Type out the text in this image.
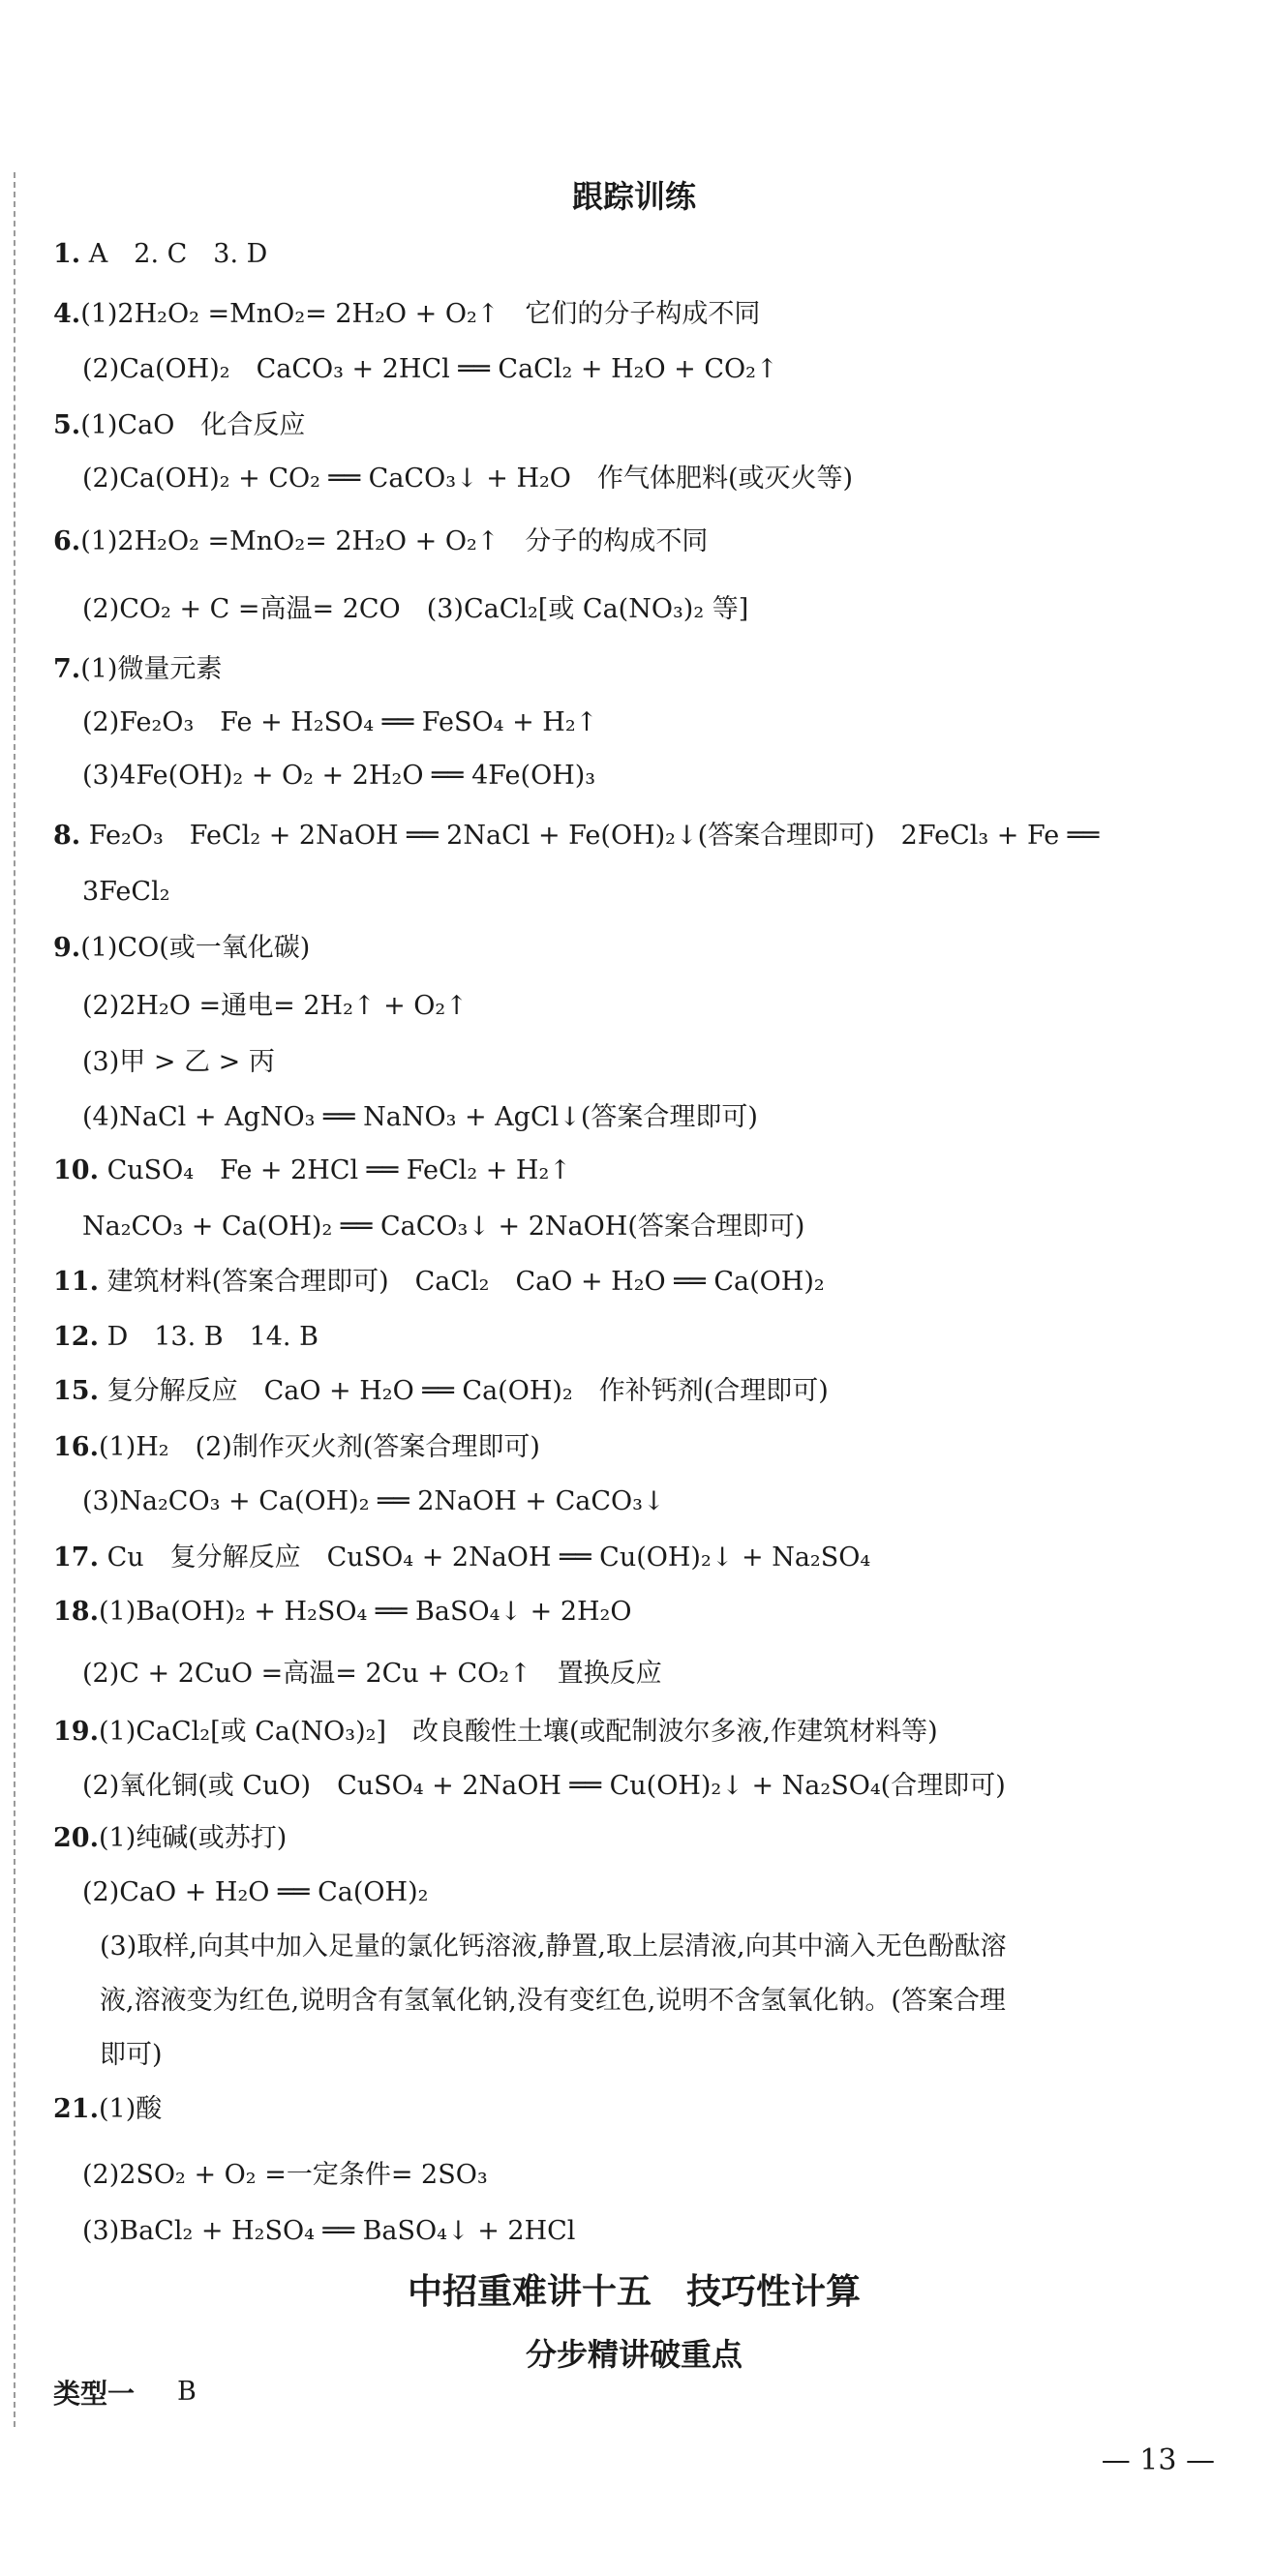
跟踪训练
1. A　2. C　3. D
4.(1)2H₂O₂ =MnO₂= 2H₂O + O₂↑　它们的分子构成不同
(2)Ca(OH)₂　CaCO₃ + 2HCl ══ CaCl₂ + H₂O + CO₂↑
5.(1)CaO　化合反应
(2)Ca(OH)₂ + CO₂ ══ CaCO₃↓ + H₂O　作气体肥料(或灭火等)
6.(1)2H₂O₂ =MnO₂= 2H₂O + O₂↑　分子的构成不同
(2)CO₂ + C =高温= 2CO　(3)CaCl₂[或 Ca(NO₃)₂ 等]
7.(1)微量元素
(2)Fe₂O₃　Fe + H₂SO₄ ══ FeSO₄ + H₂↑
(3)4Fe(OH)₂ + O₂ + 2H₂O ══ 4Fe(OH)₃
8. Fe₂O₃　FeCl₂ + 2NaOH ══ 2NaCl + Fe(OH)₂↓(答案合理即可)　2FeCl₃ + Fe ══
3FeCl₂
9.(1)CO(或一氧化碳)
(2)2H₂O =通电= 2H₂↑ + O₂↑
(3)甲 > 乙 > 丙
(4)NaCl + AgNO₃ ══ NaNO₃ + AgCl↓(答案合理即可)
10. CuSO₄　Fe + 2HCl ══ FeCl₂ + H₂↑
Na₂CO₃ + Ca(OH)₂ ══ CaCO₃↓ + 2NaOH(答案合理即可)
11. 建筑材料(答案合理即可)　CaCl₂　CaO + H₂O ══ Ca(OH)₂
12. D　13. B　14. B
15. 复分解反应　CaO + H₂O ══ Ca(OH)₂　作补钙剂(合理即可)
16.(1)H₂　(2)制作灭火剂(答案合理即可)
(3)Na₂CO₃ + Ca(OH)₂ ══ 2NaOH + CaCO₃↓
17. Cu　复分解反应　CuSO₄ + 2NaOH ══ Cu(OH)₂↓ + Na₂SO₄
18.(1)Ba(OH)₂ + H₂SO₄ ══ BaSO₄↓ + 2H₂O
(2)C + 2CuO =高温= 2Cu + CO₂↑　置换反应
19.(1)CaCl₂[或 Ca(NO₃)₂]　改良酸性土壤(或配制波尔多液,作建筑材料等)
(2)氧化铜(或 CuO)　CuSO₄ + 2NaOH ══ Cu(OH)₂↓ + Na₂SO₄(合理即可)
20.(1)纯碱(或苏打)
(2)CaO + H₂O ══ Ca(OH)₂
(3)取样,向其中加入足量的氯化钙溶液,静置,取上层清液,向其中滴入无色酚酞溶
液,溶液变为红色,说明含有氢氧化钠,没有变红色,说明不含氢氧化钠。(答案合理
即可)
21.(1)酸
(2)2SO₂ + O₂ =一定条件= 2SO₃
(3)BaCl₂ + H₂SO₄ ══ BaSO₄↓ + 2HCl
中招重难讲十五　技巧性计算
分步精讲破重点
类型一 B
— 13 —
